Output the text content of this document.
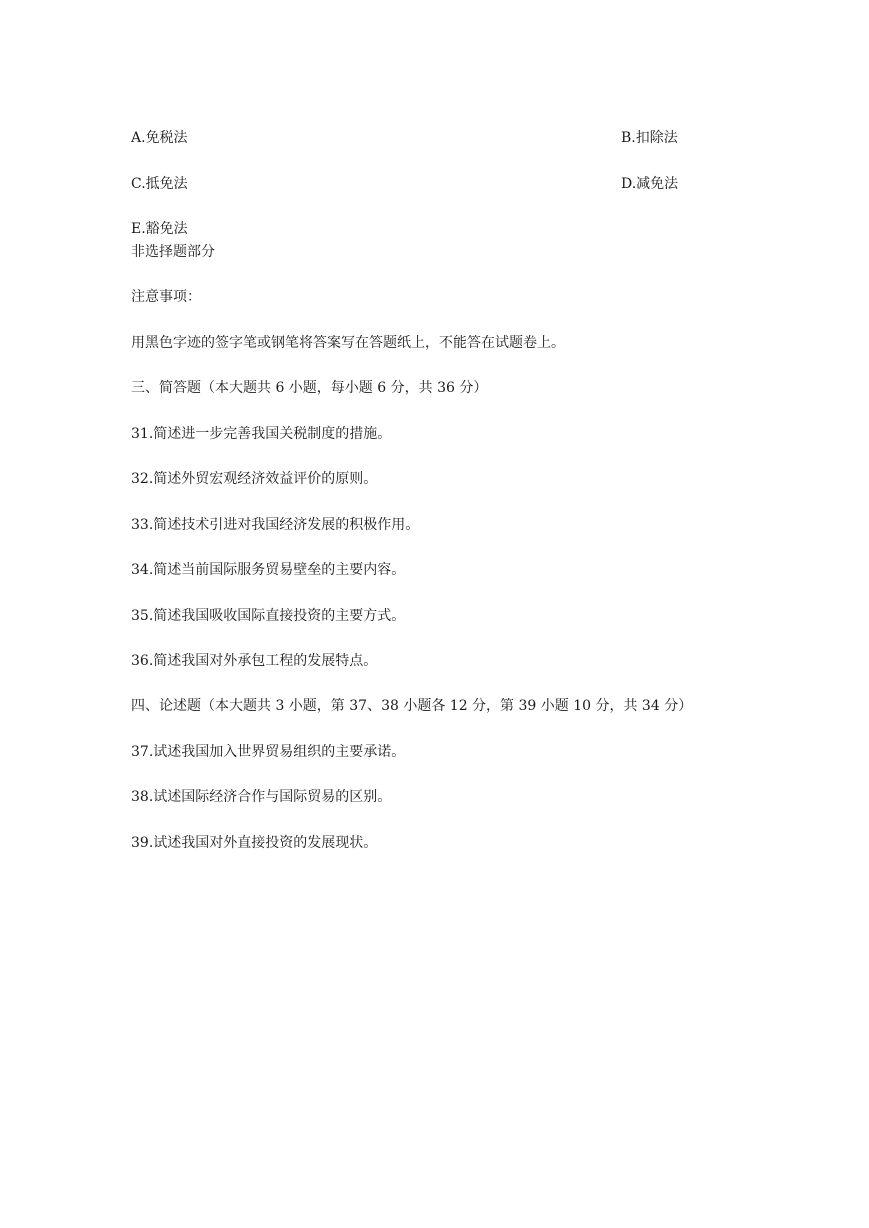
A.免税法	B.扣除法
C.抵免法	D.减免法
E.豁免法
非选择题部分
注意事项：
用黑色字迹的签字笔或钢笔将答案写在答题纸上，不能答在试题卷上。
三、简答题（本大题共 6 小题，每小题 6 分，共 36 分）
31.简述进一步完善我国关税制度的措施。
32.简述外贸宏观经济效益评价的原则。
33.简述技术引进对我国经济发展的积极作用。
34.简述当前国际服务贸易壁垒的主要内容。
35.简述我国吸收国际直接投资的主要方式。
36.简述我国对外承包工程的发展特点。
四、论述题（本大题共 3 小题，第 37、38 小题各 12 分，第 39 小题 10 分，共 34 分）
37.试述我国加入世界贸易组织的主要承诺。
38.试述国际经济合作与国际贸易的区别。
39.试述我国对外直接投资的发展现状。
